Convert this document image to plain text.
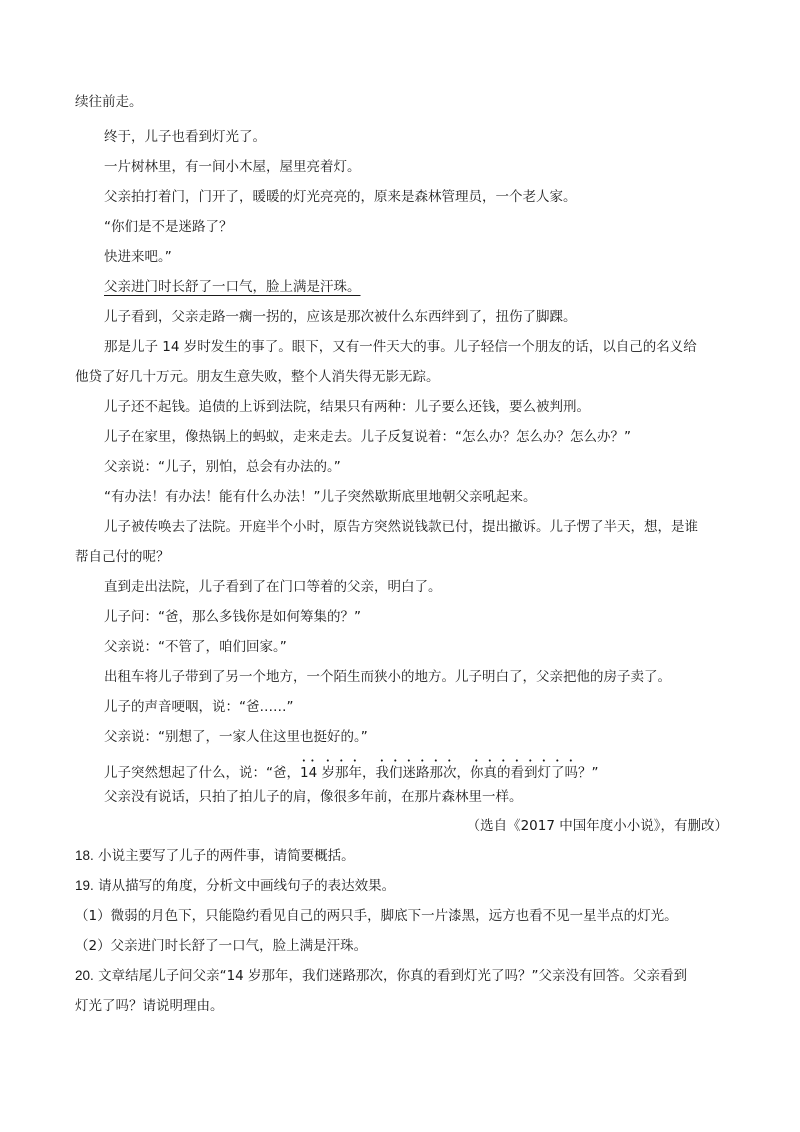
续往前走。
终于，儿子也看到灯光了。
一片树林里，有一间小木屋，屋里亮着灯。
父亲拍打着门，门开了，暖暖的灯光亮亮的，原来是森林管理员，一个老人家。
“你们是不是迷路了？
快进来吧。”
父亲进门时长舒了一口气，脸上满是汗珠。
儿子看到，父亲走路一瘸一拐的，应该是那次被什么东西绊到了，扭伤了脚踝。
那是儿子 14 岁时发生的事了。眼下，又有一件天大的事。儿子轻信一个朋友的话，以自己的名义给
他贷了好几十万元。朋友生意失败，整个人消失得无影无踪。
儿子还不起钱。追债的上诉到法院，结果只有两种：儿子要么还钱，要么被判刑。
儿子在家里，像热锅上的蚂蚁，走来走去。儿子反复说着：“怎么办？怎么办？怎么办？”
父亲说：“儿子，别怕，总会有办法的。”
“有办法！有办法！能有什么办法！”儿子突然歇斯底里地朝父亲吼起来。
儿子被传唤去了法院。开庭半个小时，原告方突然说钱款已付，提出撤诉。儿子愣了半天，想，是谁
帮自己付的呢？
直到走出法院，儿子看到了在门口等着的父亲，明白了。
儿子问：“爸，那么多钱你是如何筹集的？”
父亲说：“不管了，咱们回家。”
出租车将儿子带到了另一个地方，一个陌生而狭小的地方。儿子明白了，父亲把他的房子卖了。
儿子的声音哽咽，说：“爸……”
父亲说：“别想了，一家人住这里也挺好的。”
儿子突然想起了什么，说：“爸，14 岁那年，我们迷路那次，你真的看到灯了吗？”
父亲没有说话，只拍了拍儿子的肩，像很多年前，在那片森林里一样。
（选自《2017 中国年度小小说》，有删改）
18. 小说主要写了儿子的两件事，请简要概括。
19. 请从描写的角度，分析文中画线句子的表达效果。
（1）微弱的月色下，只能隐约看见自己的两只手，脚底下一片漆黑，远方也看不见一星半点的灯光。
（2）父亲进门时长舒了一口气，脸上满是汗珠。
20. 文章结尾儿子问父亲“14 岁那年，我们迷路那次，你真的看到灯光了吗？”父亲没有回答。父亲看到
灯光了吗？请说明理由。
